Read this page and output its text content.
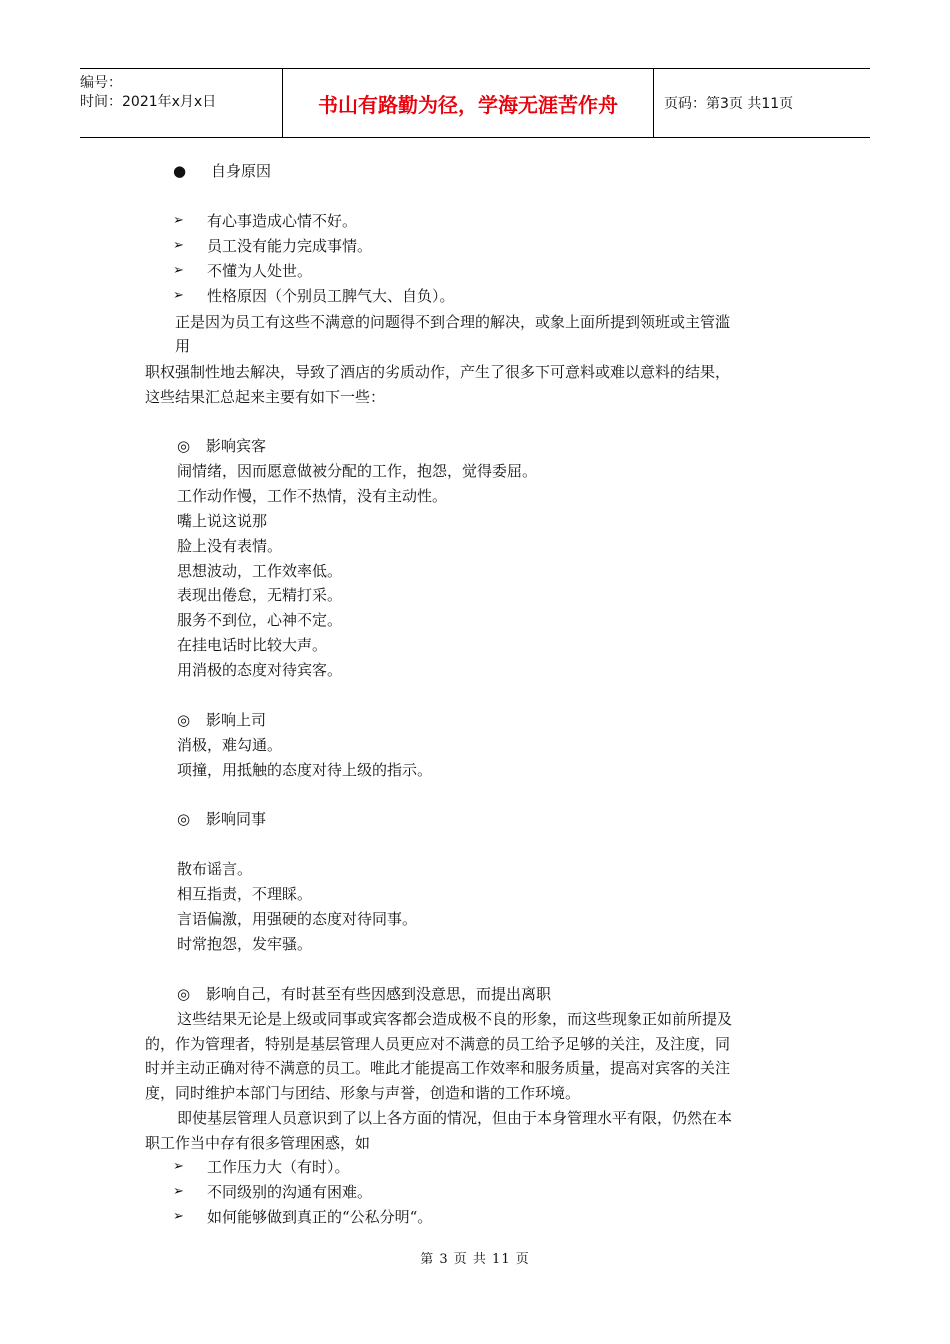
编号：
时间：2021年x月x日	书山有路勤为径，学海无涯苦作舟	页码：第3页 共11页
●	自身原因
➢	有心事造成心情不好。
➢	员工没有能力完成事情。
➢	不懂为人处世。
➢	性格原因（个别员工脾气大、自负）。
正是因为员工有这些不满意的问题得不到合理的解决，或象上面所提到领班或主管滥
用
职权强制性地去解决，导致了酒店的劣质动作，产生了很多下可意料或难以意料的结果，
这些结果汇总起来主要有如下一些：
◎	影响宾客
闹情绪，因而愿意做被分配的工作，抱怨，觉得委屈。
工作动作慢，工作不热情，没有主动性。
嘴上说这说那
脸上没有表情。
思想波动，工作效率低。
表现出倦怠，无精打采。
服务不到位，心神不定。
在挂电话时比较大声。
用消极的态度对待宾客。
◎	影响上司
消极，难勾通。
项撞，用抵触的态度对待上级的指示。
◎	影响同事
散布谣言。
相互指责，不理睬。
言语偏激，用强硬的态度对待同事。
时常抱怨，发牢骚。
◎	影响自己，有时甚至有些因感到没意思，而提出离职
这些结果无论是上级或同事或宾客都会造成极不良的形象，而这些现象正如前所提及
的，作为管理者，特别是基层管理人员更应对不满意的员工给予足够的关注，及注度，同
时并主动正确对待不满意的员工。唯此才能提高工作效率和服务质量，提高对宾客的关注
度，同时维护本部门与团结、形象与声誉，创造和谐的工作环境。
即使基层管理人员意识到了以上各方面的情况，但由于本身管理水平有限，仍然在本
职工作当中存有很多管理困惑，如
➢	工作压力大（有时）。
➢	不同级别的沟通有困难。
➢	如何能够做到真正的“公私分明“。
第 3 页 共 11 页
